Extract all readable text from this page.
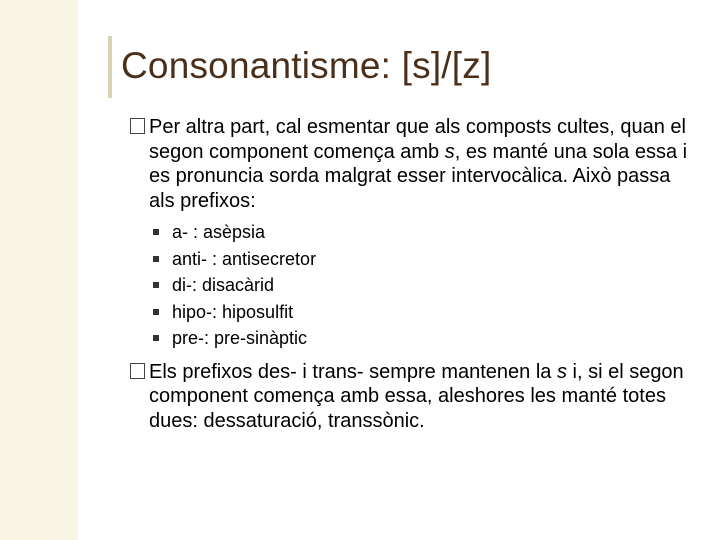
Consonantisme: [s]/[z]
Per altra part, cal esmentar que als composts cultes, quan el segon component comença amb s, es manté una sola essa i es pronuncia sorda malgrat esser intervocàlica. Això passa als prefixos:
a- : asèpsia
anti- : antisecretor
di-: disacàrid
hipo-: hiposulfit
pre-: pre-sinàptic
Els prefixos des- i trans- sempre mantenen la s i, si el segon component comença amb essa, aleshores les manté totes dues: dessaturació, transsònic.
